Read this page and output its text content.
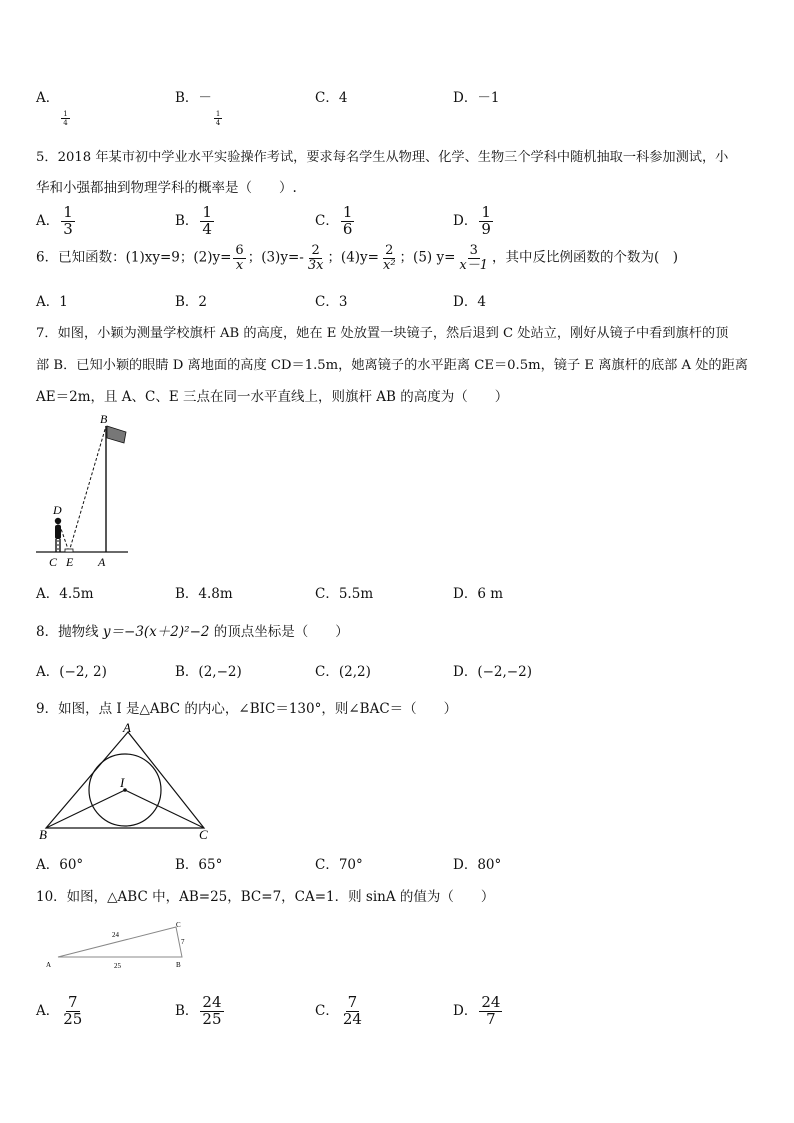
A．
$\frac{1}{4}$
B．－
$\frac{1}{4}$
C．4	D．－1
5．2018 年某市初中学业水平实验操作考试，要求每名学生从物理、化学、生物三个学科中随机抽取一科参加测试，小
华和小强都抽到物理学科的概率是（　　）.
A． $\frac{1}{3}$	B． $\frac{1}{4}$	C． $\frac{1}{6}$	D． $\frac{1}{9}$
6．已知函数：(1)xy=9；$(2)y= \frac{6}{x}$ ；$(3)y=- \frac{2}{3x}$ ；$(4)y= \frac{2}{\text{x²}}$ ；(5) $y= \frac{3}{x-1}$ ，其中反比例函数的个数为(　)
A．1	B．2	C．3	D．4
7．如图，小颖为测量学校旗杆 AB 的高度，她在 E 处放置一块镜子，然后退到 C 处站立，刚好从镜子中看到旗杆的顶
部 B．已知小颖的眼睛 D 离地面的高度 CD＝1.5m，她离镜子的水平距离 CE＝0.5m，镜子 E 离旗杆的底部 A 处的距离
AE＝2m，且 A、C、E 三点在同一水平直线上，则旗杆 AB 的高度为（　　）
B
D
C E A
A．4.5m	B．4.8m	C．5.5m	D．6 m
8．抛物线 y＝−3(x＋2)²−2 的顶点坐标是（　　）
A．(−2, 2)	B．(2,−2)	C．(2,2)	D．(−2,−2)
9．如图，点 I 是△ABC 的内心，∠BIC＝130°，则∠BAC＝（　　）
A
B	C
I
A．60°	B．65°	C．70°	D．80°
10．如图，△ABC 中，AB=25，BC=7，CA=1．则 sinA 的值为（　　）
A	B
C
24
7
25
A． $\frac{7}{25}$	B． $\frac{24}{25}$	C． $\frac{7}{24}$	D． $\frac{24}{7}$
